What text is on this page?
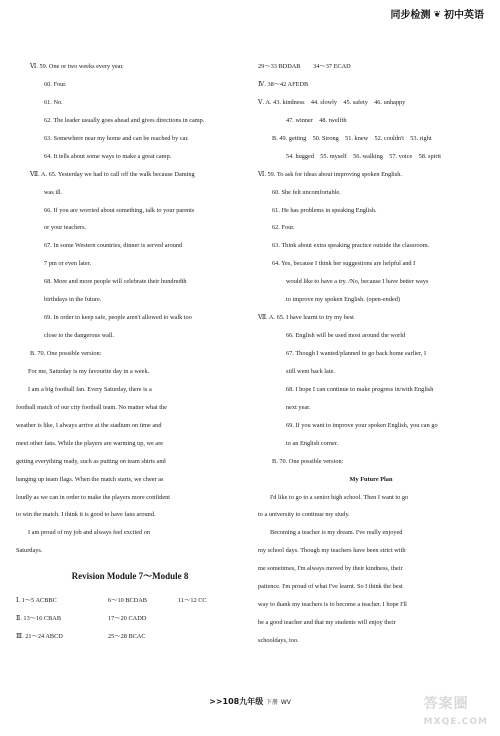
同步检测 ❦ 初中英语
Ⅵ. 59. One or two weeks every year.
60. Four.
61. No.
62. The leader usually goes ahead and gives directions in camp.
63. Somewhere near my home and can be reached by car.
64. It tells about some ways to make a great camp.
Ⅶ. A. 65. Yesterday we had to call off the walk because Daming
was ill.
66. If you are worried about something, talk to your parents
or your teachers.
67. In some Western countries, dinner is served around
7 pm or even later.
68. More and more people will celebrate their hundredth
birthdays in the future.
69. In order to keep safe, people aren't allowed to walk too
close to the dangerous wall.
B. 70. One possible version:
For me, Saturday is my favourite day in a week.
I am a big football fan. Every Saturday, there is a
football match of our city football team. No matter what the
weather is like, I always arrive at the stadium on time and
meet other fans. While the players are warming up, we are
getting everything ready, such as putting on team shirts and
hanging up team flags. When the match starts, we cheer as
loudly as we can in order to make the players more confident
to win the match. I think it is good to have fans around.
I am proud of my job and always feel excited on
Saturdays.
Revision Module 7～Module 8
Ⅰ. 1～5 ACBBC	6～10 BCDAB	11～12 CC
Ⅱ. 13～16 CBAB	17～20 CADD
Ⅲ. 21～24 ABCD	25～28 BCAC
29～33 BDDAB　　34～37 ECAD
Ⅳ. 38～42 AFEDB
Ⅴ. A. 43. kindness　44. slowly　45. safety　46. unhappy
47. winner　48. twelfth
B. 49. getting　50. Strong　51. knew　52. couldn't　53. right
54. hugged　55. myself　56. walking　57. voice　58. spirit
Ⅵ. 59. To ask for ideas about improving spoken English.
60. She felt uncomfortable.
61. He has problems in speaking English.
62. Four.
63. Think about extra speaking practice outside the classroom.
64. Yes, because I think her suggestions are helpful and I
would like to have a try. /No, because I have better ways
to improve my spoken English. (open-ended)
Ⅶ. A. 65. I have learnt to try my best
66. English will be used most around the world
67. Though I wanted/planned to go back home earlier, I
still went back late.
68. I hope I can continue to make progress in/with English
next year.
69. If you want to improve your spoken English, you can go
to an English corner.
B. 70. One possible version:
My Future Plan
I'd like to go to a senior high school. Then I want to go
to a university to continue my study.
Becoming a teacher is my dream. I've really enjoyed
my school days. Though my teachers have been strict with
me sometimes, I'm always moved by their kindness, their
patience. I'm proud of what I've learnt. So I think the best
way to thank my teachers is to become a teacher. I hope I'll
be a good teacher and that my students will enjoy their
schooldays, too.
>>108九年级 下册 WV	答案圈
MXQE.COM
